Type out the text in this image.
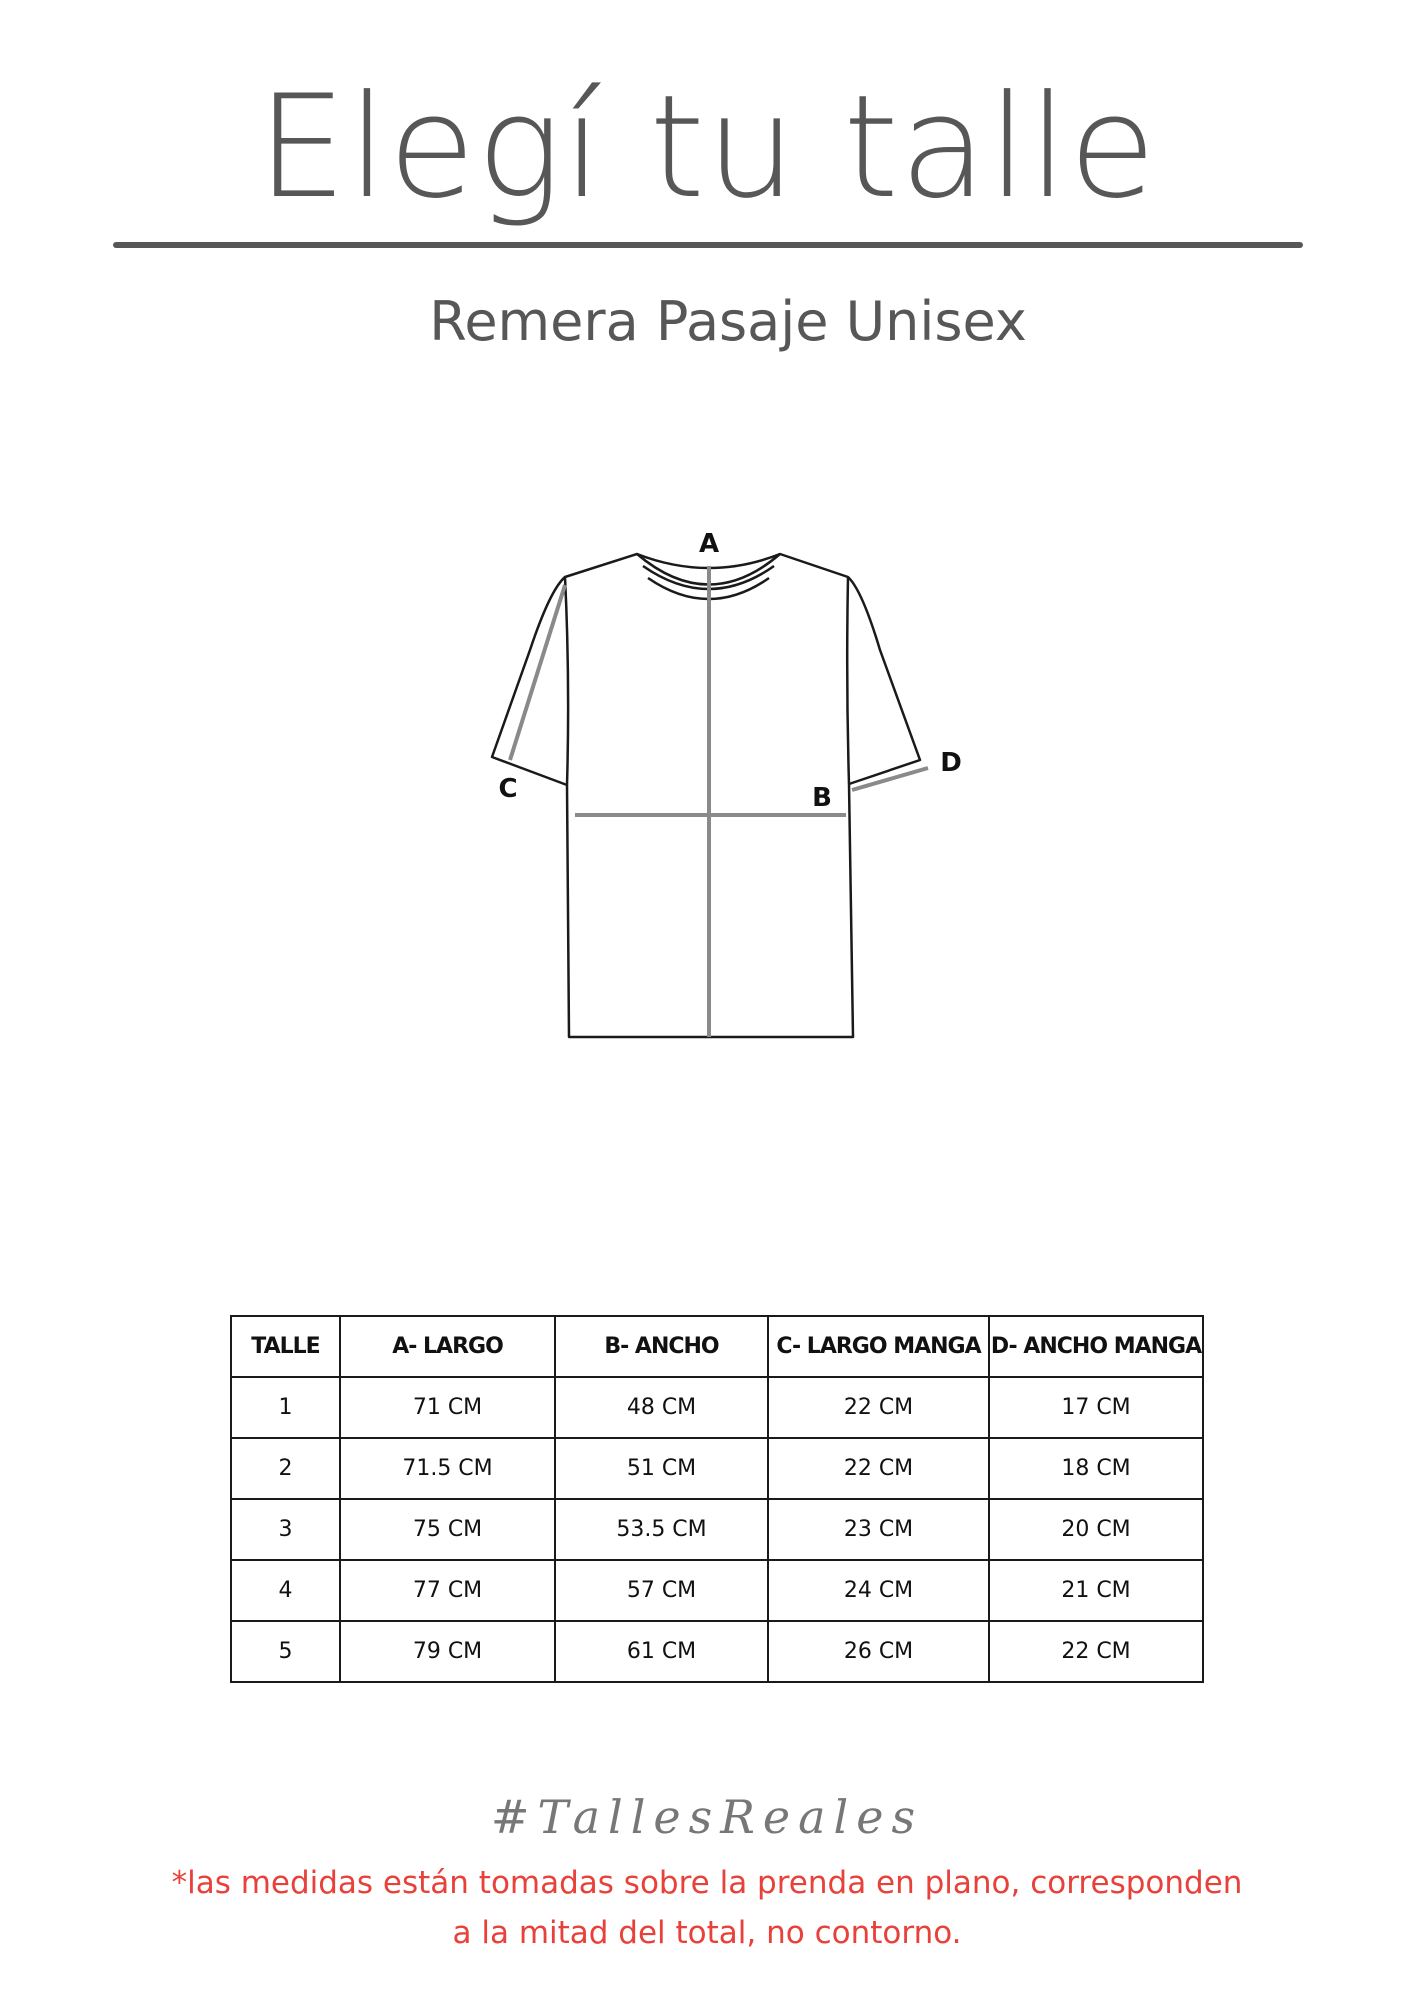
Elegí tu talle
Remera Pasaje Unisex
A
B
C
D
TALLE	A- LARGO	B- ANCHO	C- LARGO MANGA	D- ANCHO MANGA
1	71 CM	48 CM	22 CM	17 CM
2	71.5 CM	51 CM	22 CM	18 CM
3	75 CM	53.5 CM	23 CM	20 CM
4	77 CM	57 CM	24 CM	21 CM
5	79 CM	61 CM	26 CM	22 CM
#TallesReales
*las medidas están tomadas sobre la prenda en plano, corresponden
a la mitad del total, no contorno.
